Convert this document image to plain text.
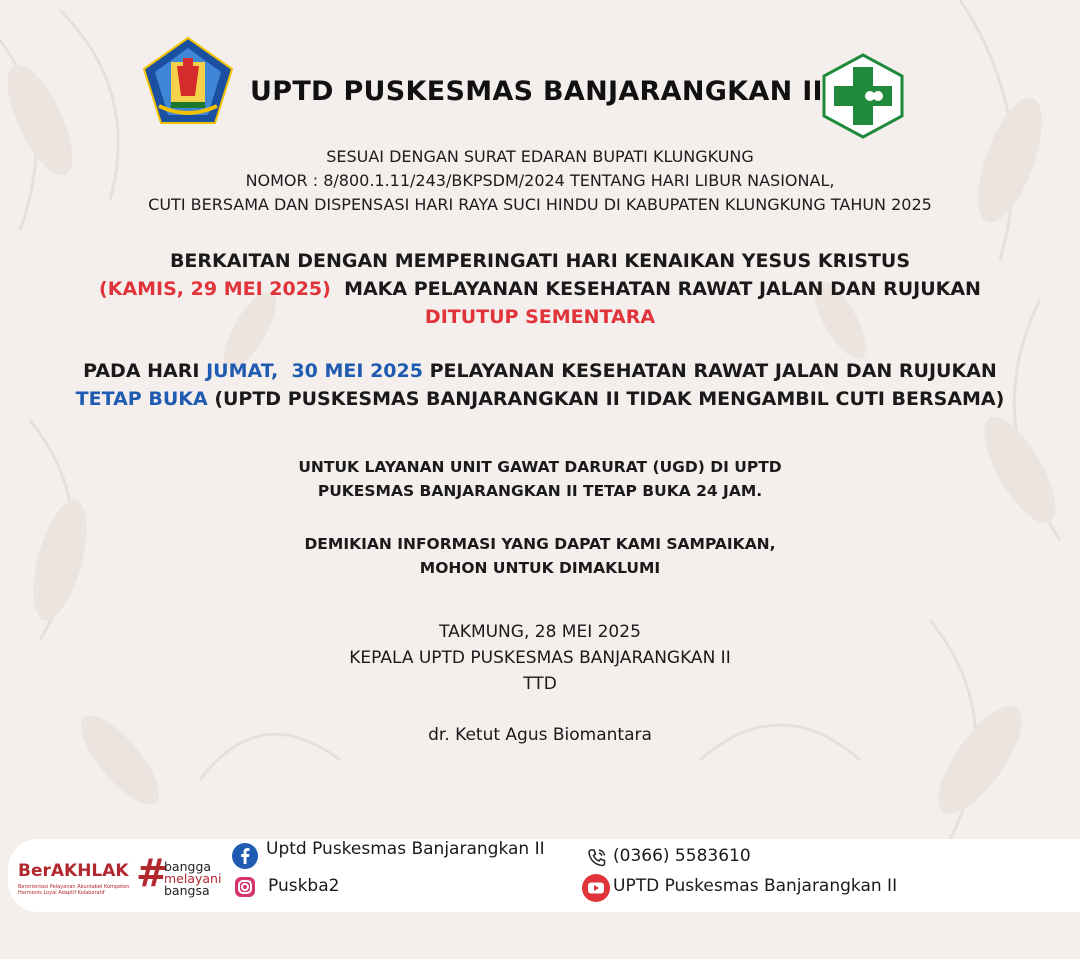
UPTD PUSKESMAS BANJARANGKAN II
SESUAI DENGAN SURAT EDARAN BUPATI KLUNGKUNG
NOMOR : 8/800.1.11/243/BKPSDM/2024 TENTANG HARI LIBUR NASIONAL,
CUTI BERSAMA DAN DISPENSASI HARI RAYA SUCI HINDU DI KABUPATEN KLUNGKUNG TAHUN 2025
BERKAITAN DENGAN MEMPERINGATI HARI KENAIKAN YESUS KRISTUS
(KAMIS, 29 MEI 2025) MAKA PELAYANAN KESEHATAN RAWAT JALAN DAN RUJUKAN
DITUTUP SEMENTARA
PADA HARI JUMAT, 30 MEI 2025 PELAYANAN KESEHATAN RAWAT JALAN DAN RUJUKAN TETAP BUKA (UPTD PUSKESMAS BANJARANGKAN II TIDAK MENGAMBIL CUTI BERSAMA)
UNTUK LAYANAN UNIT GAWAT DARURAT (UGD) DI UPTD
PUKESMAS BANJARANGKAN II TETAP BUKA 24 JAM.
DEMIKIAN INFORMASI YANG DAPAT KAMI SAMPAIKAN,
MOHON UNTUK DIMAKLUMI
TAKMUNG, 28 MEI 2025
KEPALA UPTD PUSKESMAS BANJARANGKAN II
TTD
dr. Ketut Agus Biomantara
BerAKHLAK
Berorientasi Pelayanan Akuntabel Kompeten
Harmonis Loyal Adaptif Kolaboratif #
bangga
melayani
bangsa
Uptd Puskesmas Banjarangkan II
Puskba2
(0366) 5583610
UPTD Puskesmas Banjarangkan II
